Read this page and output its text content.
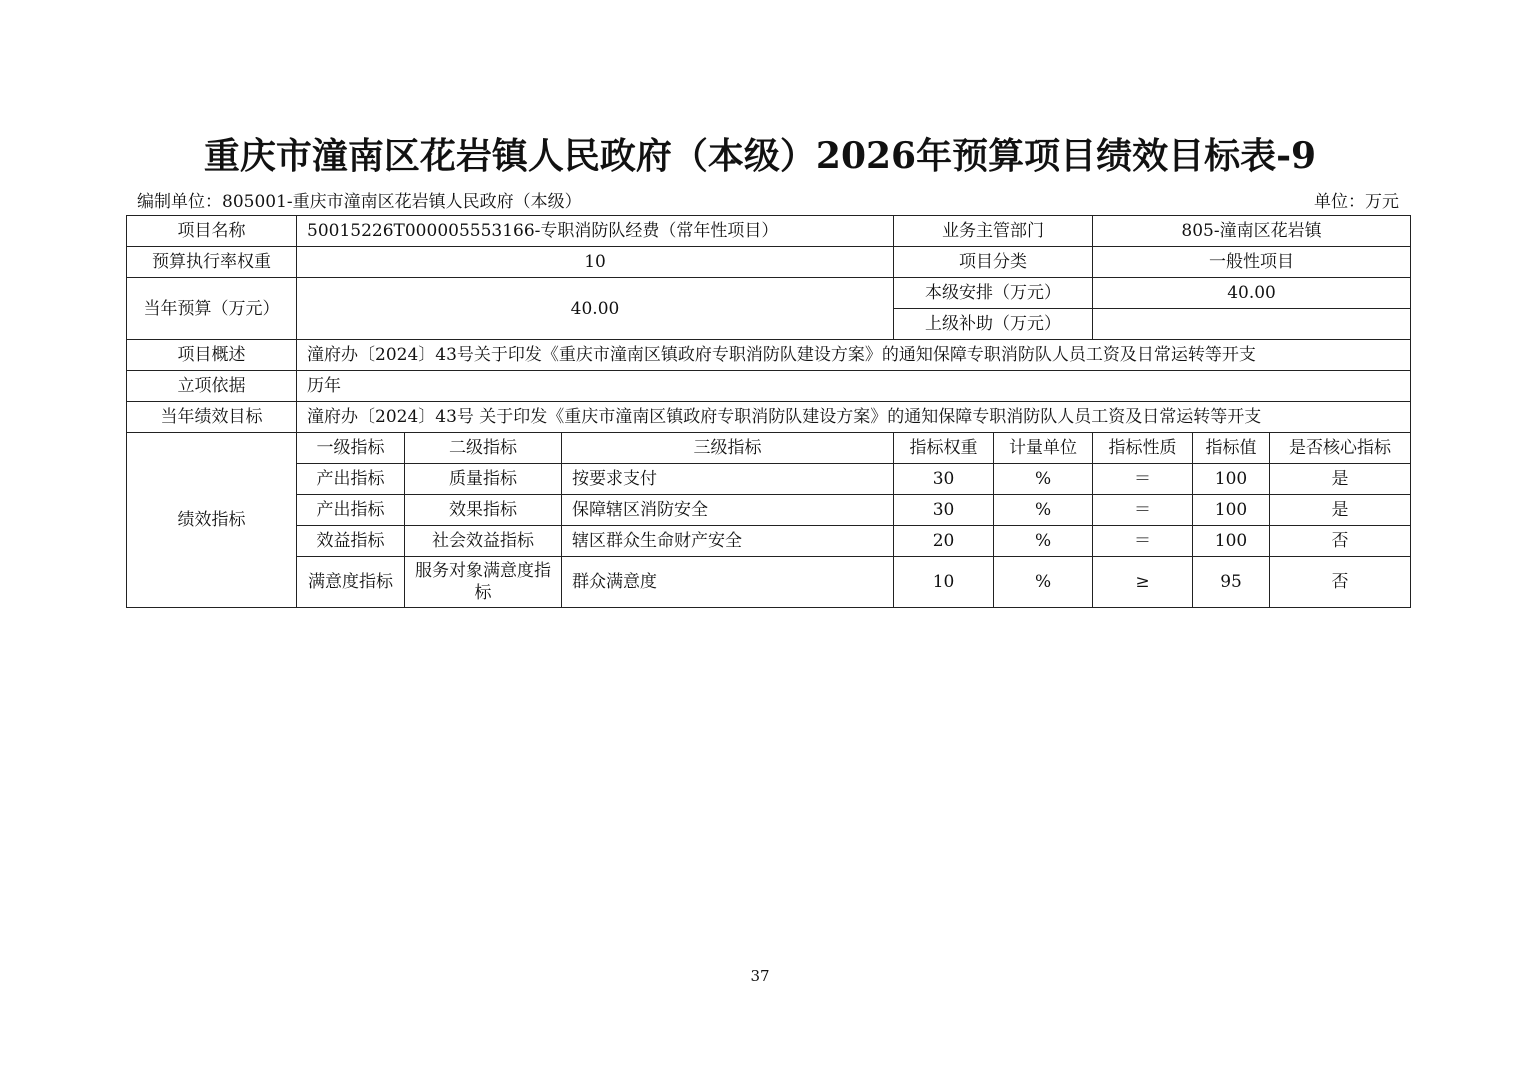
重庆市潼南区花岩镇人民政府（本级）2026年预算项目绩效目标表-9
编制单位：805001-重庆市潼南区花岩镇人民政府（本级）	单位：万元
项目名称	50015226T000005553166-专职消防队经费（常年性项目）			业务主管部门		805-潼南区花岩镇		
预算执行率权重	10			项目分类		一般性项目		
当年预算（万元）	40.00			本级安排（万元）		40.00		
				上级补助（万元）				
项目概述	潼府办〔2024〕43号关于印发《重庆市潼南区镇政府专职消防队建设方案》的通知保障专职消防队人员工资及日常运转等开支							
立项依据	历年							
当年绩效目标	潼府办〔2024〕43号 关于印发《重庆市潼南区镇政府专职消防队建设方案》的通知保障专职消防队人员工资及日常运转等开支							
绩效指标	一级指标	二级指标	三级指标	指标权重	计量单位	指标性质	指标值	是否核心指标
	产出指标	质量指标	按要求支付	30	%	＝	100	是
	产出指标	效果指标	保障辖区消防安全	30	%	＝	100	是
	效益指标	社会效益指标	辖区群众生命财产安全	20	%	＝	100	否
	满意度指标	服务对象满意度指标	群众满意度	10	%	≥	95	否
37
